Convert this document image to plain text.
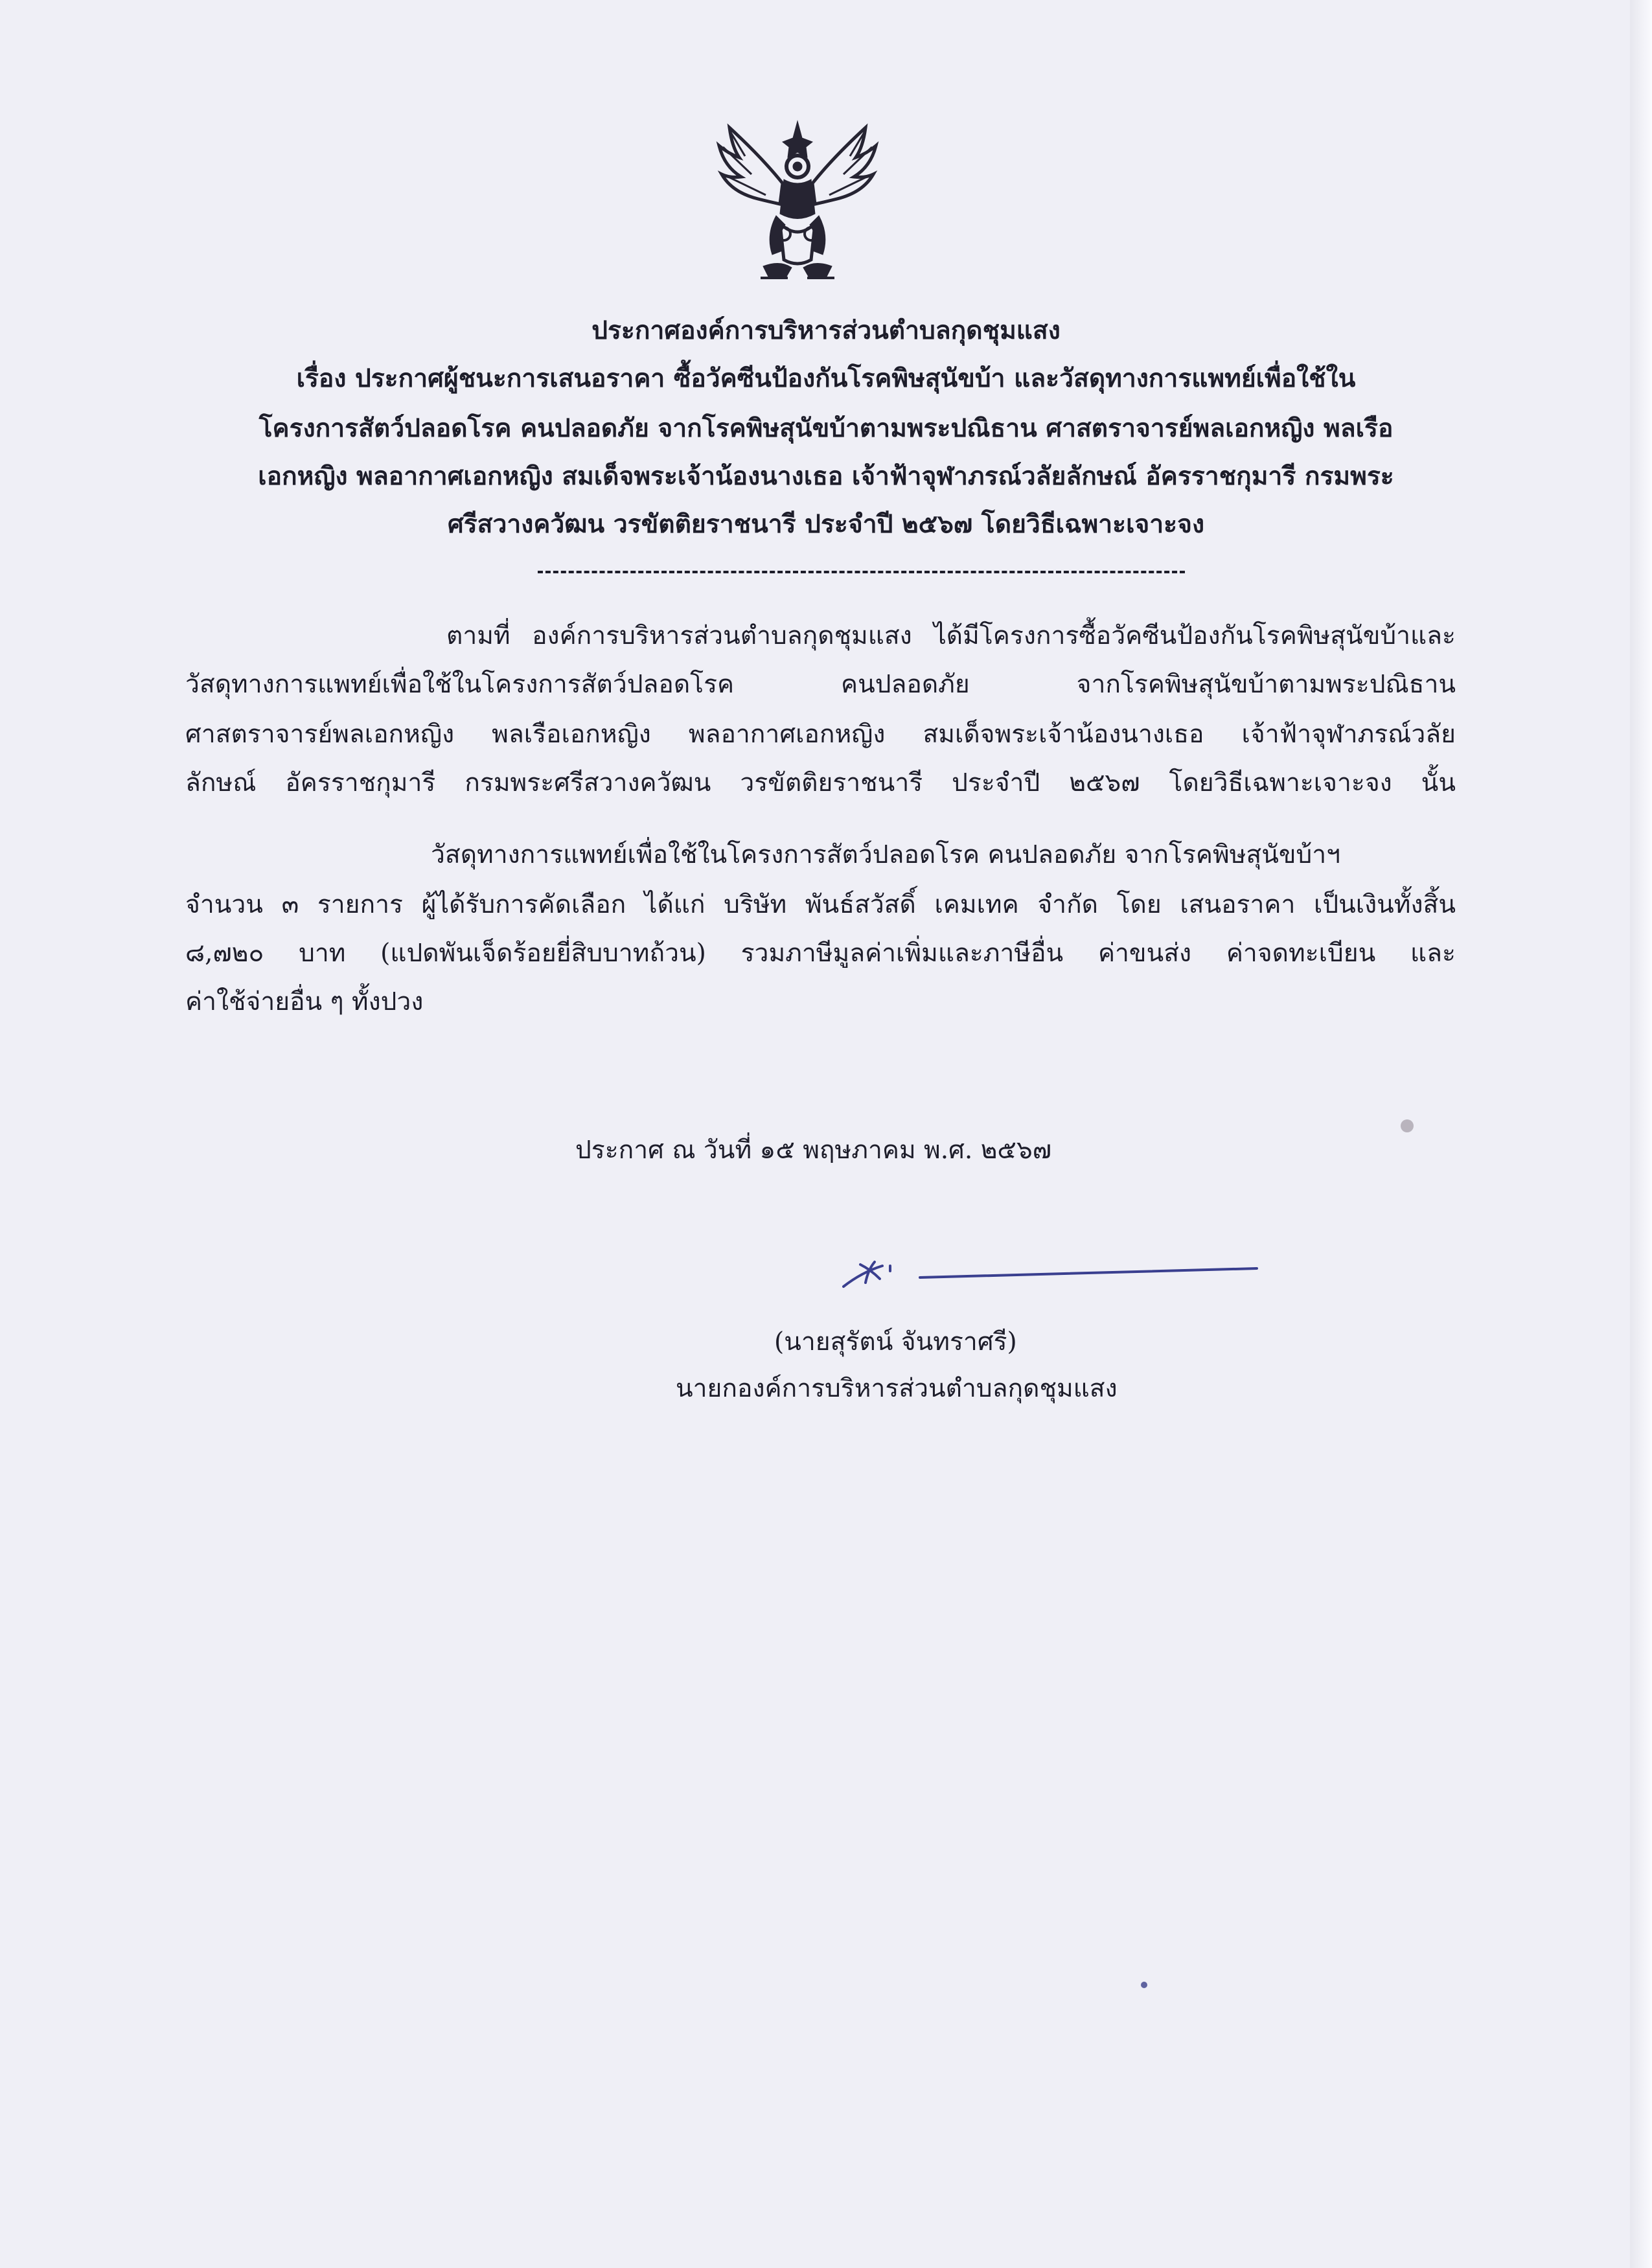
ประกาศองค์การบริหารส่วนตำบลกุดชุมแสง
เรื่อง ประกาศผู้ชนะการเสนอราคา ซื้อวัคซีนป้องกันโรคพิษสุนัขบ้า และวัสดุทางการแพทย์เพื่อใช้ใน
โครงการสัตว์ปลอดโรค คนปลอดภัย จากโรคพิษสุนัขบ้าตามพระปณิธาน ศาสตราจารย์พลเอกหญิง พลเรือ
เอกหญิง พลอากาศเอกหญิง สมเด็จพระเจ้าน้องนางเธอ เจ้าฟ้าจุฬาภรณ์วลัยลักษณ์ อัครราชกุมารี กรมพระ
ศรีสวางควัฒน วรขัตติยราชนารี ประจำปี ๒๕๖๗ โดยวิธีเฉพาะเจาะจง
ตามที่ องค์การบริหารส่วนตำบลกุดชุมแสง ได้มีโครงการซื้อวัคซีนป้องกันโรคพิษสุนัขบ้าและ
วัสดุทางการแพทย์เพื่อใช้ในโครงการสัตว์ปลอดโรค คนปลอดภัย จากโรคพิษสุนัขบ้าตามพระปณิธาน
ศาสตราจารย์พลเอกหญิง พลเรือเอกหญิง พลอากาศเอกหญิง สมเด็จพระเจ้าน้องนางเธอ เจ้าฟ้าจุฬาภรณ์วลัย
ลักษณ์ อัครราชกุมารี กรมพระศรีสวางควัฒน วรขัตติยราชนารี ประจำปี ๒๕๖๗ โดยวิธีเฉพาะเจาะจง นั้น
วัสดุทางการแพทย์เพื่อใช้ในโครงการสัตว์ปลอดโรค คนปลอดภัย จากโรคพิษสุนัขบ้าฯ
จำนวน ๓ รายการ ผู้ได้รับการคัดเลือก ได้แก่ บริษัท พันธ์สวัสดิ์ เคมเทค จำกัด โดย เสนอราคา เป็นเงินทั้งสิ้น
๘,๗๒๐ บาท (แปดพันเจ็ดร้อยยี่สิบบาทถ้วน) รวมภาษีมูลค่าเพิ่มและภาษีอื่น ค่าขนส่ง ค่าจดทะเบียน และ
ค่าใช้จ่ายอื่น ๆ ทั้งปวง
ประกาศ ณ วันที่ ๑๕ พฤษภาคม พ.ศ. ๒๕๖๗
(นายสุรัตน์ จันทราศรี)
นายกองค์การบริหารส่วนตำบลกุดชุมแสง
